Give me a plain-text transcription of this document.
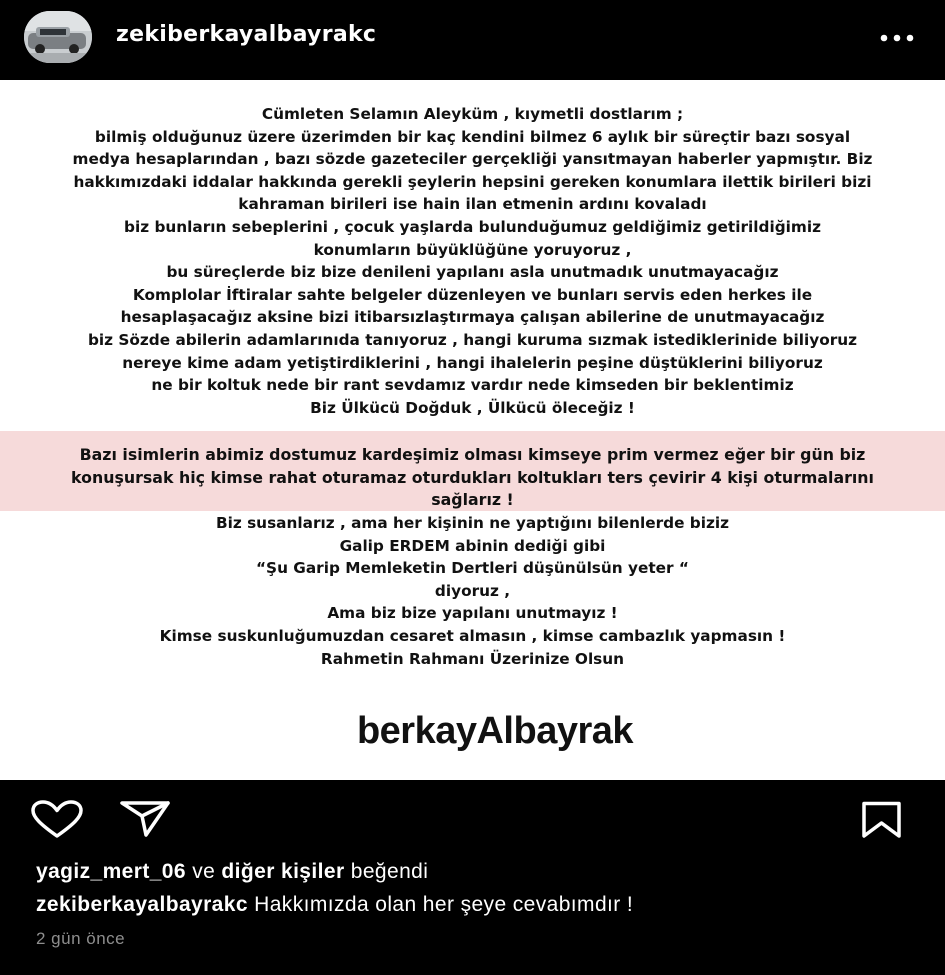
zekiberkayalbayrakc
Cümleten Selamın Aleyküm , kıymetli dostlarım ;
bilmiş olduğunuz üzere üzerimden bir kaç kendini bilmez 6 aylık bir süreçtir bazı sosyal
medya hesaplarından , bazı sözde gazeteciler gerçekliği yansıtmayan haberler yapmıştır. Biz
hakkımızdaki iddalar hakkında gerekli şeylerin hepsini gereken konumlara ilettik birileri bizi
kahraman birileri ise hain ilan etmenin ardını kovaladı
biz bunların sebeplerini , çocuk yaşlarda bulunduğumuz geldiğimiz getirildiğimiz
konumların büyüklüğüne yoruyoruz ,
bu süreçlerde biz bize denileni yapılanı asla unutmadık unutmayacağız
Komplolar İftiralar sahte belgeler düzenleyen ve bunları servis eden herkes ile
hesaplaşacağız aksine bizi itibarsızlaştırmaya çalışan abilerine de unutmayacağız
biz Sözde abilerin adamlarınıda tanıyoruz , hangi kuruma sızmak istediklerinide biliyoruz
nereye kime adam yetiştirdiklerini , hangi ihalelerin peşine düştüklerini biliyoruz
ne bir koltuk nede bir rant sevdamız vardır nede kimseden bir beklentimiz
Biz Ülkücü Doğduk , Ülkücü öleceğiz !
Bazı isimlerin abimiz dostumuz kardeşimiz olması kimseye prim vermez eğer bir gün biz
konuşursak hiç kimse rahat oturamaz oturdukları koltukları ters çevirir 4 kişi oturmalarını
sağlarız !
Biz susanlarız , ama her kişinin ne yaptığını bilenlerde biziz
Galip ERDEM abinin dediği gibi
“Şu Garip Memleketin Dertleri düşünülsün yeter “
diyoruz ,
Ama biz bize yapılanı unutmayız !
Kimse suskunluğumuzdan cesaret almasın , kimse cambazlık yapmasın !
Rahmetin Rahmanı Üzerinize Olsun
berkayAlbayrak
yagiz_mert_06 ve diğer kişiler beğendi
zekiberkayalbayrakc Hakkımızda olan her şeye cevabımdır !
2 gün önce
